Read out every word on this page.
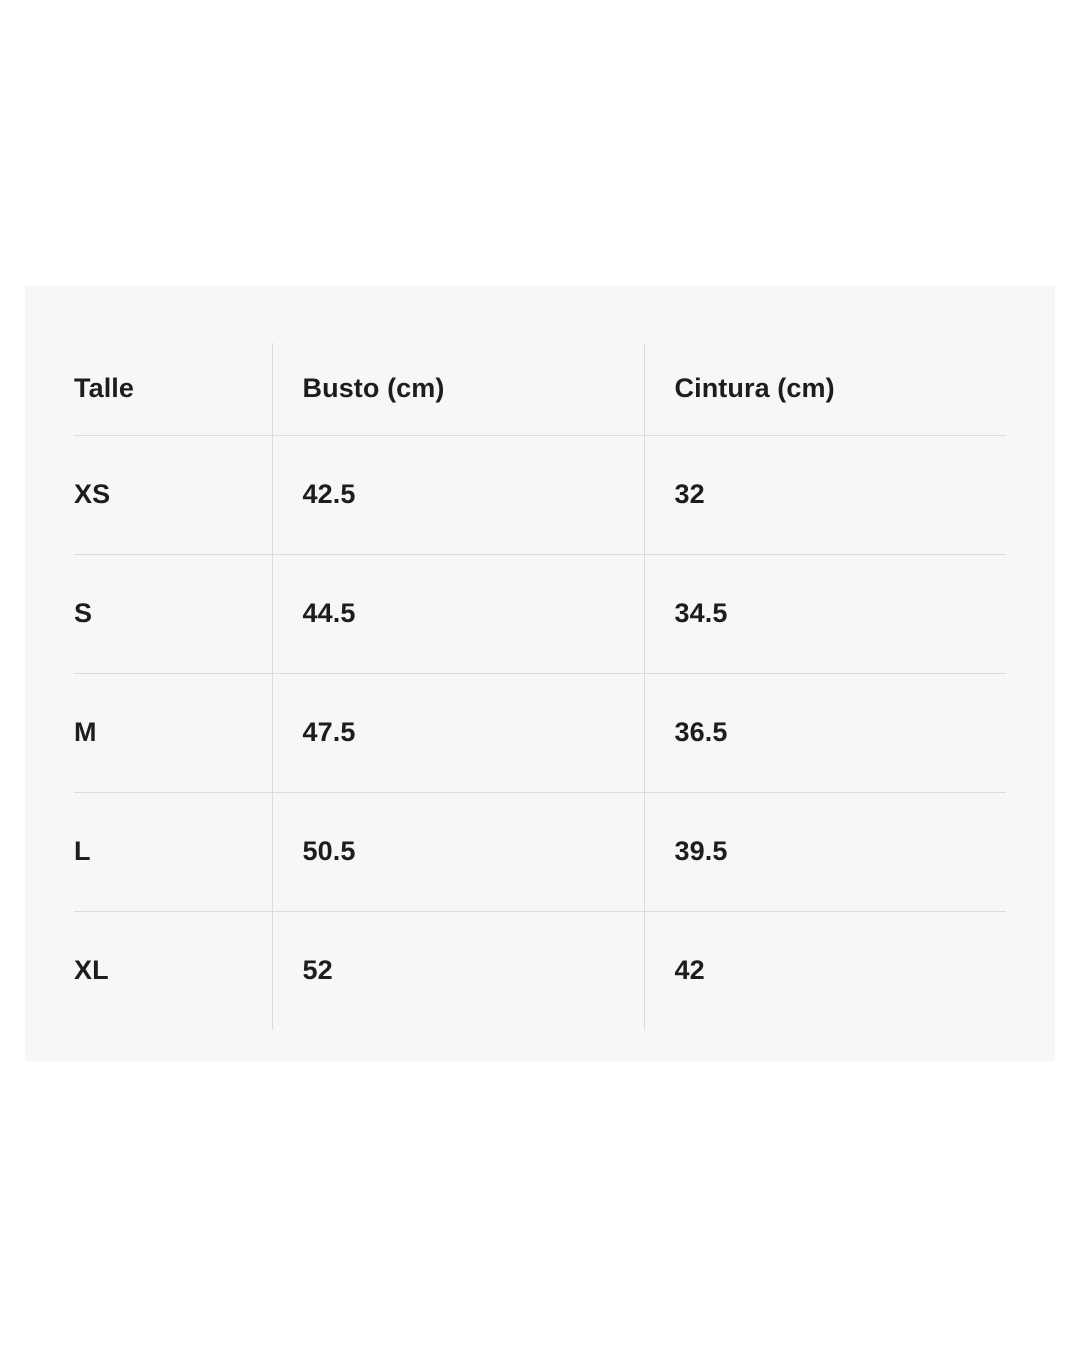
Talle	Busto (cm)	Cintura (cm)

XS	42.5	32

S	44.5	34.5

M	47.5	36.5

L	50.5	39.5

XL	52	42
